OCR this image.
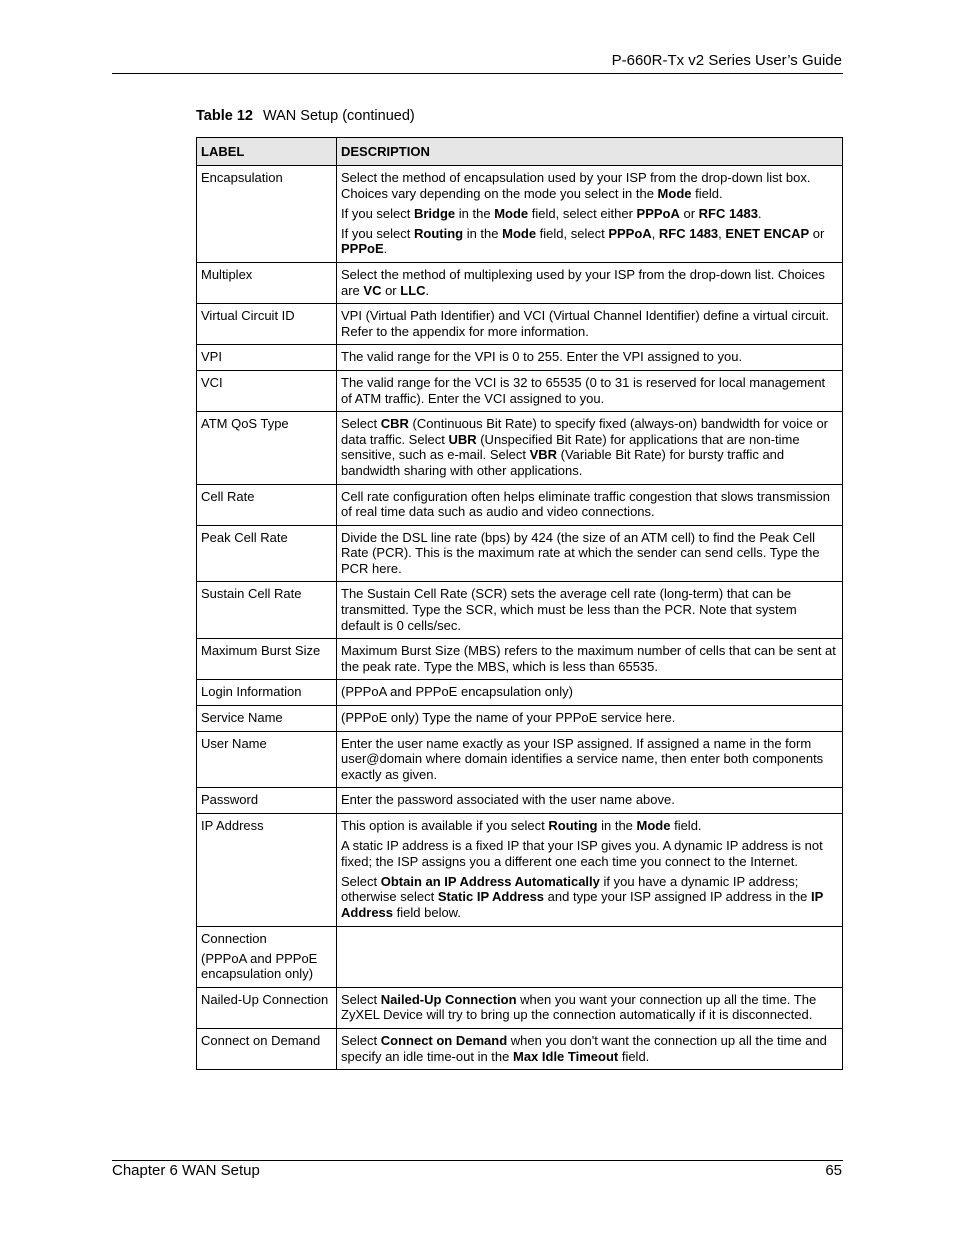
P-660R-Tx v2 Series User’s Guide
Table 12 WAN Setup (continued)
LABEL	DESCRIPTION

Encapsulation	Select the method of encapsulation used by your ISP from the drop-down list box. Choices vary depending on the mode you select in the Mode field.

If you select Bridge in the Mode field, select either PPPoA or RFC 1483.

If you select Routing in the Mode field, select PPPoA, RFC 1483, ENET ENCAP or PPPoE.

Multiplex	Select the method of multiplexing used by your ISP from the drop-down list. Choices are VC or LLC.

Virtual Circuit ID	VPI (Virtual Path Identifier) and VCI (Virtual Channel Identifier) define a virtual circuit. Refer to the appendix for more information.

VPI	The valid range for the VPI is 0 to 255. Enter the VPI assigned to you.

VCI	The valid range for the VCI is 32 to 65535 (0 to 31 is reserved for local management of ATM traffic). Enter the VCI assigned to you.

ATM QoS Type	Select CBR (Continuous Bit Rate) to specify fixed (always-on) bandwidth for voice or data traffic. Select UBR (Unspecified Bit Rate) for applications that are non-time sensitive, such as e-mail. Select VBR (Variable Bit Rate) for bursty traffic and bandwidth sharing with other applications.

Cell Rate	Cell rate configuration often helps eliminate traffic congestion that slows transmission of real time data such as audio and video connections.

Peak Cell Rate	Divide the DSL line rate (bps) by 424 (the size of an ATM cell) to find the Peak Cell Rate (PCR). This is the maximum rate at which the sender can send cells. Type the PCR here.

Sustain Cell Rate	The Sustain Cell Rate (SCR) sets the average cell rate (long-term) that can be transmitted. Type the SCR, which must be less than the PCR. Note that system default is 0 cells/sec.

Maximum Burst Size	Maximum Burst Size (MBS) refers to the maximum number of cells that can be sent at the peak rate. Type the MBS, which is less than 65535.

Login Information	(PPPoA and PPPoE encapsulation only)

Service Name	(PPPoE only) Type the name of your PPPoE service here.

User Name	Enter the user name exactly as your ISP assigned. If assigned a name in the form user@domain where domain identifies a service name, then enter both components exactly as given.

Password	Enter the password associated with the user name above.

IP Address	This option is available if you select Routing in the Mode field.

A static IP address is a fixed IP that your ISP gives you. A dynamic IP address is not fixed; the ISP assigns you a different one each time you connect to the Internet.

Select Obtain an IP Address Automatically if you have a dynamic IP address; otherwise select Static IP Address and type your ISP assigned IP address in the IP Address field below.

Connection

(PPPoA and PPPoE encapsulation only)	

Nailed-Up Connection	Select Nailed-Up Connection when you want your connection up all the time. The ZyXEL Device will try to bring up the connection automatically if it is disconnected.

Connect on Demand	Select Connect on Demand when you don't want the connection up all the time and specify an idle time-out in the Max Idle Timeout field.

Chapter 6 WAN Setup	65
